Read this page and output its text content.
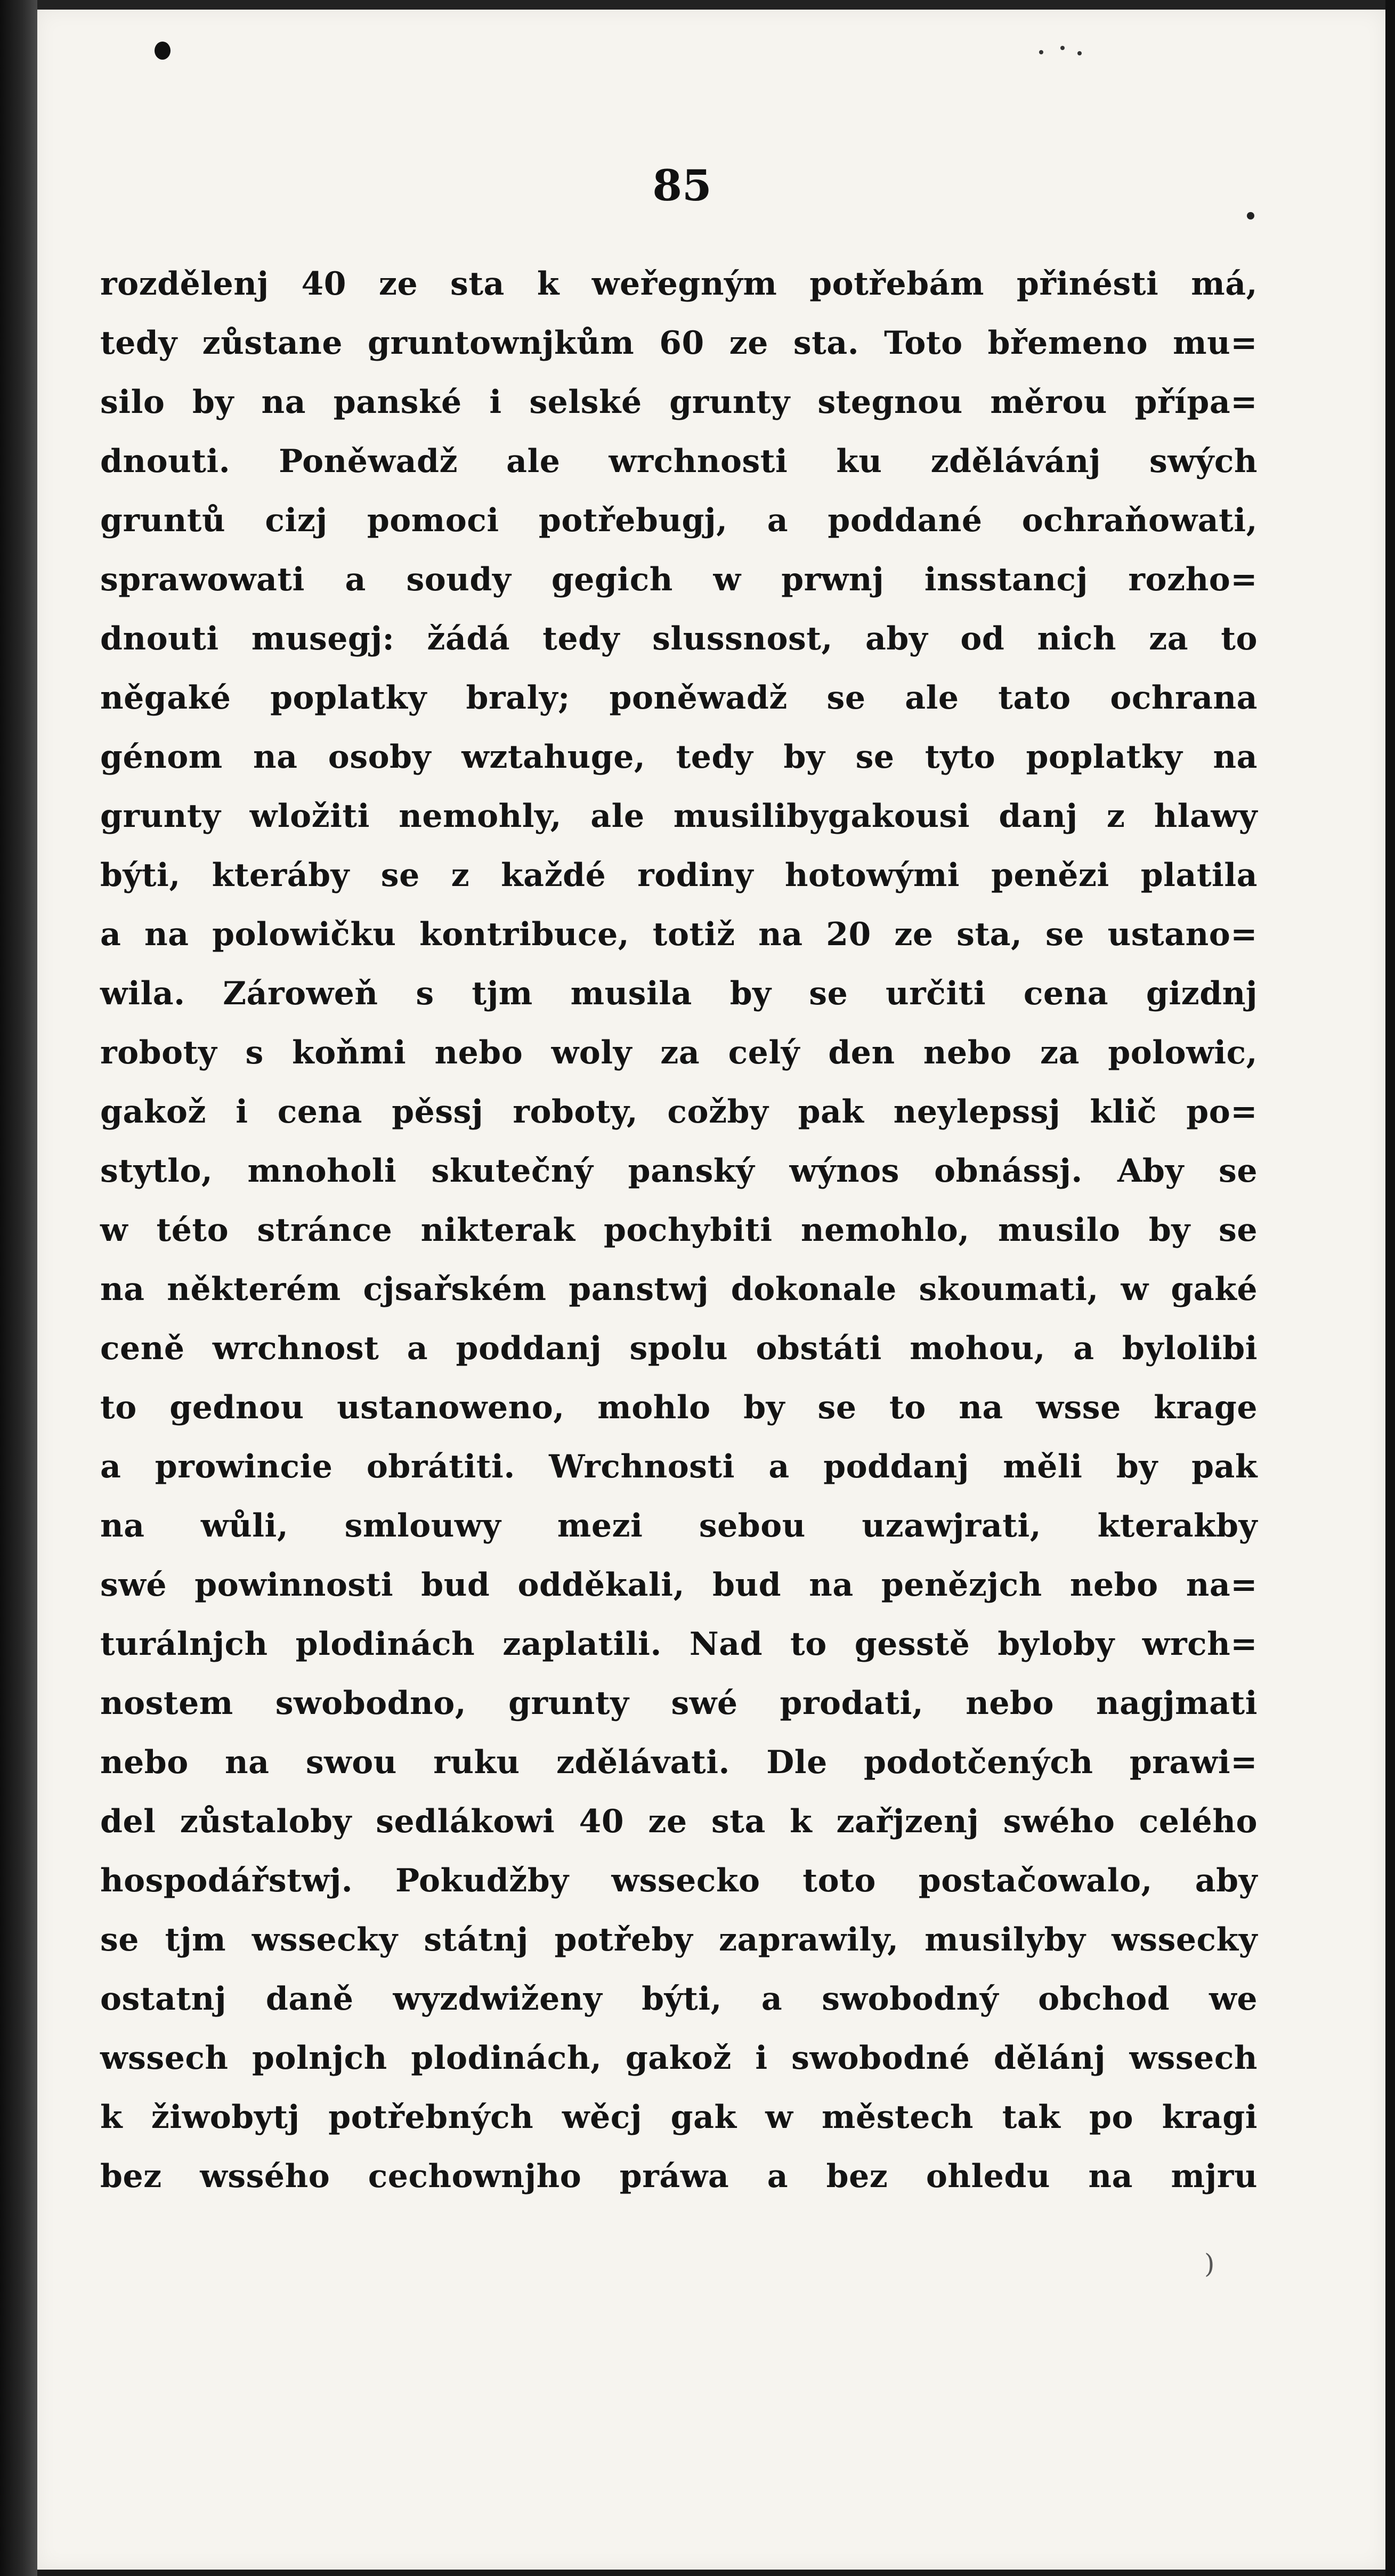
85
rozdělenj 40 ze sta k weřegným potřebám přinésti má,
tedy zůstane gruntownjkům 60 ze sta. Toto břemeno mu=
silo by na panské i selské grunty stegnou měrou přípa=
dnouti. Poněwadž ale wrchnosti ku zdělávánj swých
gruntů cizj pomoci potřebugj, a poddané ochraňowati,
sprawowati a soudy gegich w prwnj insstancj rozho=
dnouti musegj: žádá tedy slussnost, aby od nich za to
něgaké poplatky braly; poněwadž se ale tato ochrana
génom na osoby wztahuge, tedy by se tyto poplatky na
grunty wložiti nemohly, ale musilibygakousi danj z hlawy
býti, kteráby se z každé rodiny hotowými penězi platila
a na polowičku kontribuce, totiž na 20 ze sta, se ustano=
wila. Zároweň s tjm musila by se určiti cena gizdnj
roboty s koňmi nebo woly za celý den nebo za polowic,
gakož i cena pěssj roboty, cožby pak neylepssj klič po=
stytlo, mnoholi skutečný panský wýnos obnássj. Aby se
w této stránce nikterak pochybiti nemohlo, musilo by se
na některém cjsařském panstwj dokonale skoumati, w gaké
ceně wrchnost a poddanj spolu obstáti mohou, a bylolibi
to gednou ustanoweno, mohlo by se to na wsse krage
a prowincie obrátiti. Wrchnosti a poddanj měli by pak
na wůli, smlouwy mezi sebou uzawjrati, kterakby
swé powinnosti bud odděkali, bud na penězjch nebo na=
turálnjch plodinách zaplatili. Nad to gesstě byloby wrch=
nostem swobodno, grunty swé prodati, nebo nagjmati
nebo na swou ruku zdělávati. Dle podotčených prawi=
del zůstaloby sedlákowi 40 ze sta k zařjzenj swého celého
hospodářstwj. Pokudžby wssecko toto postačowalo, aby
se tjm wssecky státnj potřeby zaprawily, musilyby wssecky
ostatnj daně wyzdwiženy býti, a swobodný obchod we
wssech polnjch plodinách, gakož i swobodné dělánj wssech
k žiwobytj potřebných wěcj gak w městech tak po kragi
bez wssého cechownjho práwa a bez ohledu na mjru
)
